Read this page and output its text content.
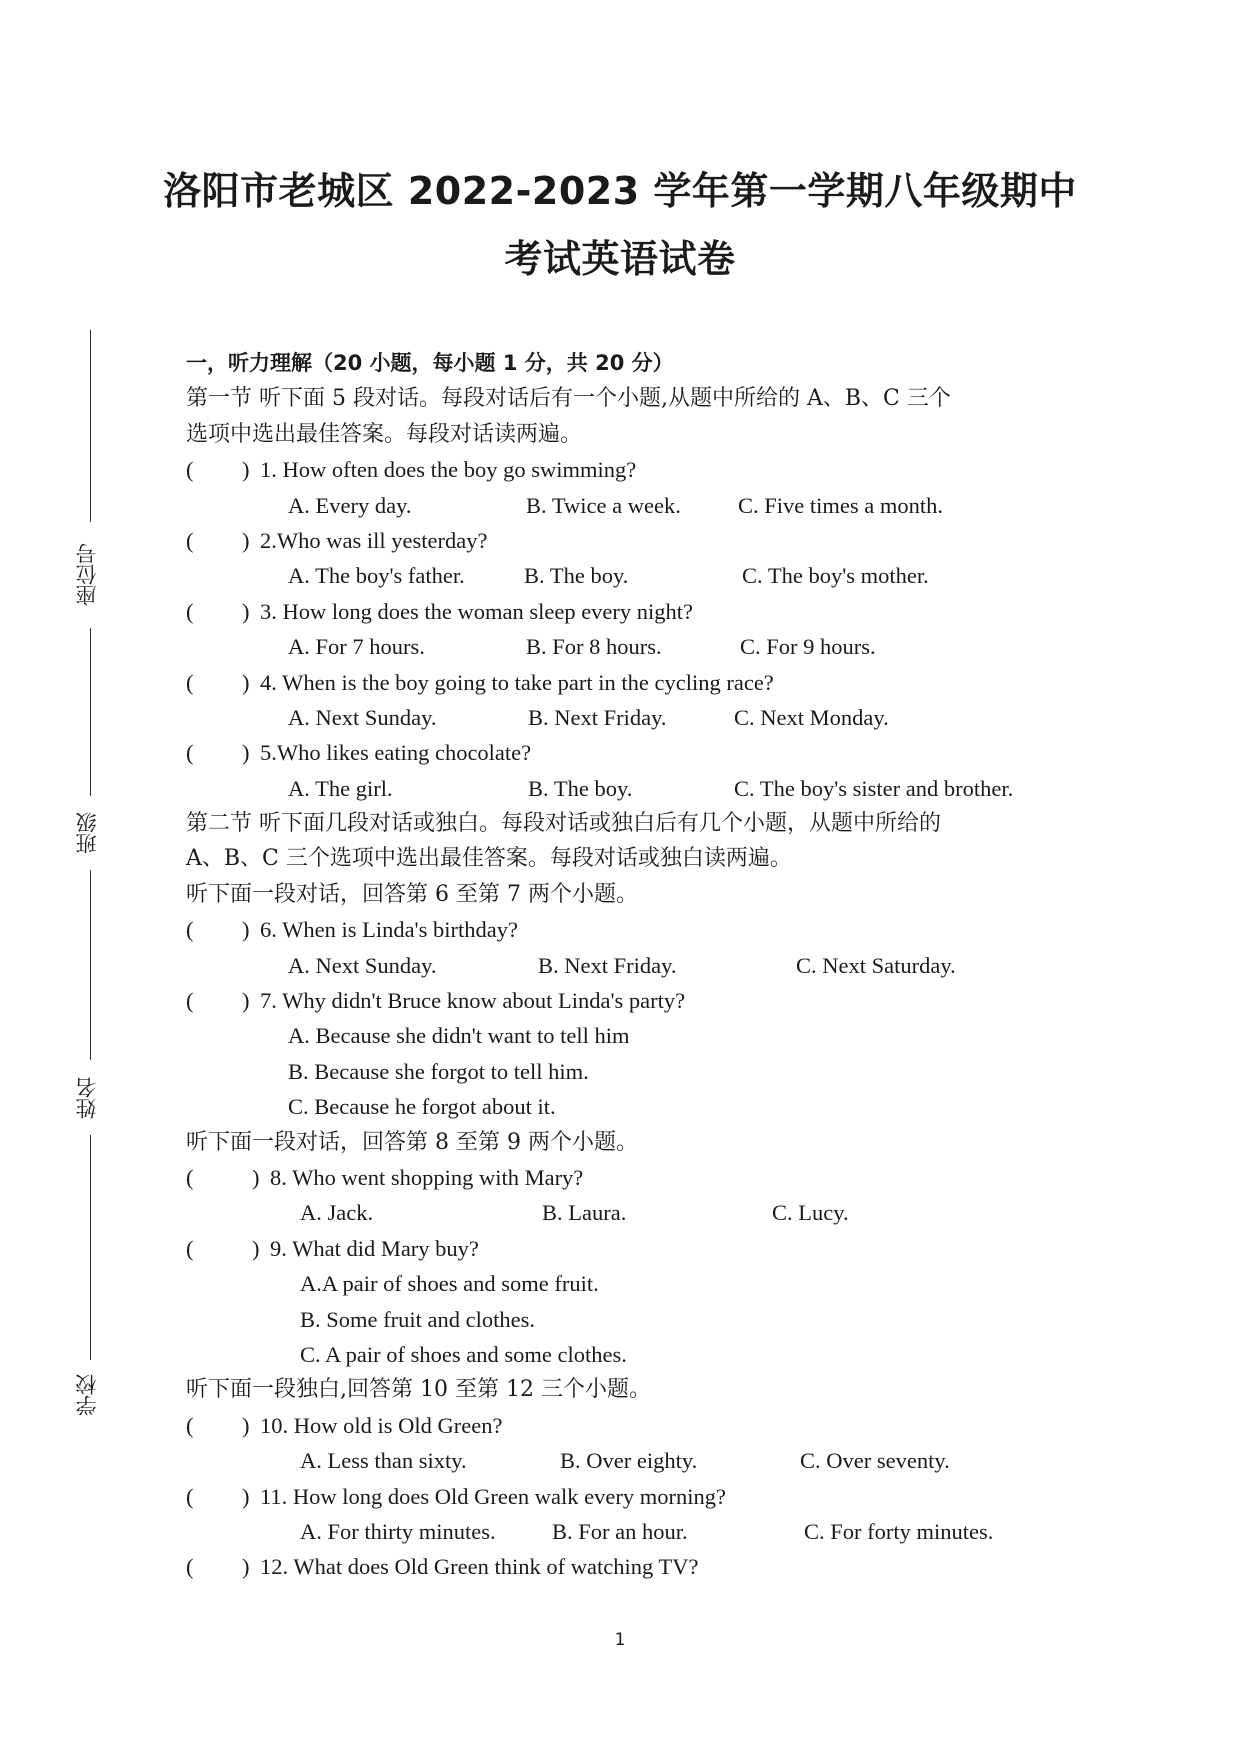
洛阳市老城区 2022-2023 学年第一学期八年级期中
考试英语试卷
座位号
班级
姓名
学校
一，听力理解（20 小题，每小题 1 分，共 20 分）
第一节 听下面 5 段对话。每段对话后有一个小题,从题中所给的 A、B、C 三个
选项中选出最佳答案。每段对话读两遍。
( ) 1. How often does the boy go swimming?
A. Every day.	B. Twice a week.	C. Five times a month.
( ) 2.Who was ill yesterday?
A. The boy's father.	B. The boy.	C. The boy's mother.
( ) 3. How long does the woman sleep every night?
A. For 7 hours.	B. For 8 hours.	C. For 9 hours.
( ) 4. When is the boy going to take part in the cycling race?
A. Next Sunday.	B. Next Friday.	C. Next Monday.
( ) 5.Who likes eating chocolate?
A. The girl.	B. The boy.	C. The boy's sister and brother.
第二节 听下面几段对话或独白。每段对话或独白后有几个小题，从题中所给的
A、B、C 三个选项中选出最佳答案。每段对话或独白读两遍。
听下面一段对话，回答第 6 至第 7 两个小题。
( ) 6. When is Linda's birthday?
A. Next Sunday.	B. Next Friday.	C. Next Saturday.
( ) 7. Why didn't Bruce know about Linda's party?
A. Because she didn't want to tell him
B. Because she forgot to tell him.
C. Because he forgot about it.
听下面一段对话，回答第 8 至第 9 两个小题。
(	) 8. Who went shopping with Mary?
A. Jack.	B. Laura.	C. Lucy.
(	) 9. What did Mary buy?
A.A pair of shoes and some fruit.
B. Some fruit and clothes.
C. A pair of shoes and some clothes.
听下面一段独白,回答第 10 至第 12 三个小题。
( ) 10. How old is Old Green?
A. Less than sixty.	B. Over eighty.	C. Over seventy.
( ) 11. How long does Old Green walk every morning?
A. For thirty minutes.	B. For an hour.	C. For forty minutes.
( ) 12. What does Old Green think of watching TV?
1
